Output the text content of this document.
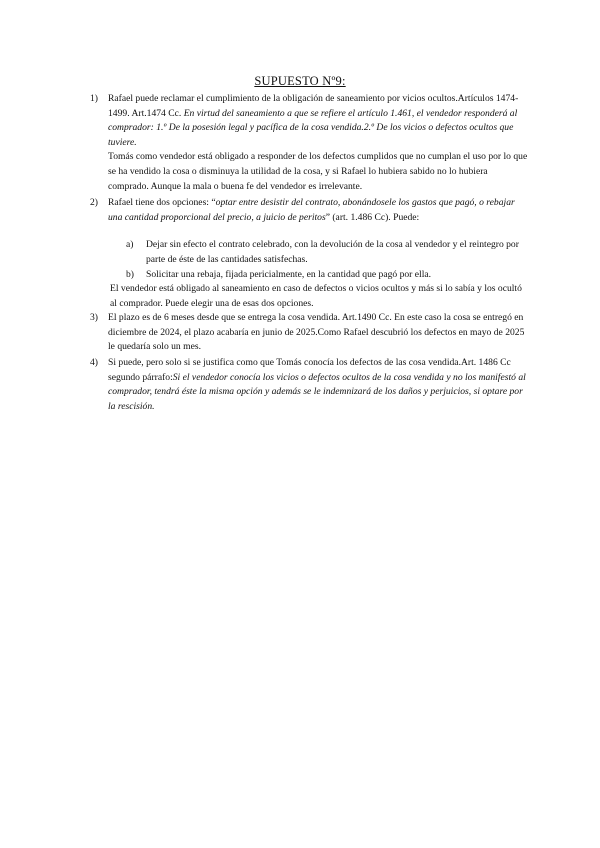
SUPUESTO Nº9:
1) Rafael puede reclamar el cumplimiento de la obligación de saneamiento por vicios ocultos.Artículos 1474-1499. Art.1474 Cc. En virtud del saneamiento a que se refiere el artículo 1.461, el vendedor responderá al comprador: 1.º De la posesión legal y pacífica de la cosa vendida.2.º De los vicios o defectos ocultos que tuviere.

Tomás como vendedor está obligado a responder de los defectos cumplidos que no cumplan el uso por lo que se ha vendido la cosa o disminuya la utilidad de la cosa, y si Rafael lo hubiera sabido no lo hubiera comprado. Aunque la mala o buena fe del vendedor es irrelevante.

2) Rafael tiene dos opciones: “optar entre desistir del contrato, abonándosele los gastos que pagó, o rebajar una cantidad proporcional del precio, a juicio de peritos” (art. 1.486 Cc). Puede:

a) Dejar sin efecto el contrato celebrado, con la devolución de la cosa al vendedor y el reintegro por parte de éste de las cantidades satisfechas.

b) Solicitar una rebaja, fijada pericialmente, en la cantidad que pagó por ella.

El vendedor está obligado al saneamiento en caso de defectos o vicios ocultos y más si lo sabía y los ocultó al comprador. Puede elegir una de esas dos opciones.

3) El plazo es de 6 meses desde que se entrega la cosa vendida. Art.1490 Cc. En este caso la cosa se entregó en diciembre de 2024, el plazo acabaría en junio de 2025.Como Rafael descubrió los defectos en mayo de 2025 le quedaría solo un mes.

4) Si puede, pero solo si se justifica como que Tomás conocía los defectos de las cosa vendida.Art. 1486 Cc segundo párrafo:Si el vendedor conocía los vicios o defectos ocultos de la cosa vendida y no los manifestó al comprador, tendrá éste la misma opción y además se le indemnizará de los daños y perjuicios, si optare por la rescisión.
